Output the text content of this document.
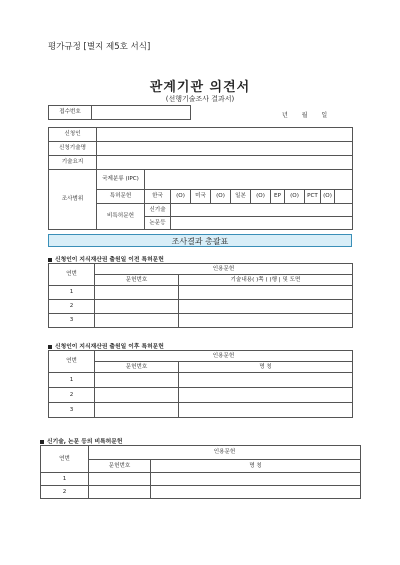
평가규정 [별지 제5호 서식]
관계기관 의견서
(선행기술조사 결과서)
접수번호		년 월 일
신청인												
신청기술명												
기술요지												
조사범위	국제분류 (IPC)											
	특허문헌	한국	(O)	미국	(O)	일본	(O)	EP	(O)	PCT	(O)	
	비특허문헌	신기술										
		논문등										
조사결과 총괄표
신청인이 지식재산권 출원일 이전 특허문헌
연번	인용문헌	
	문헌번호	기술내용( )쪽 ( )행 | 및 도면
1		
2		
3		
신청인이 지식재산권 출원일 이후 특허문헌
연번	인용문헌	
	문헌번호	명 칭
1		
2		
3		
신기술, 논문 등의 비특허문헌
연번	인용문헌	
	문헌번호	명 칭
1		
2		
